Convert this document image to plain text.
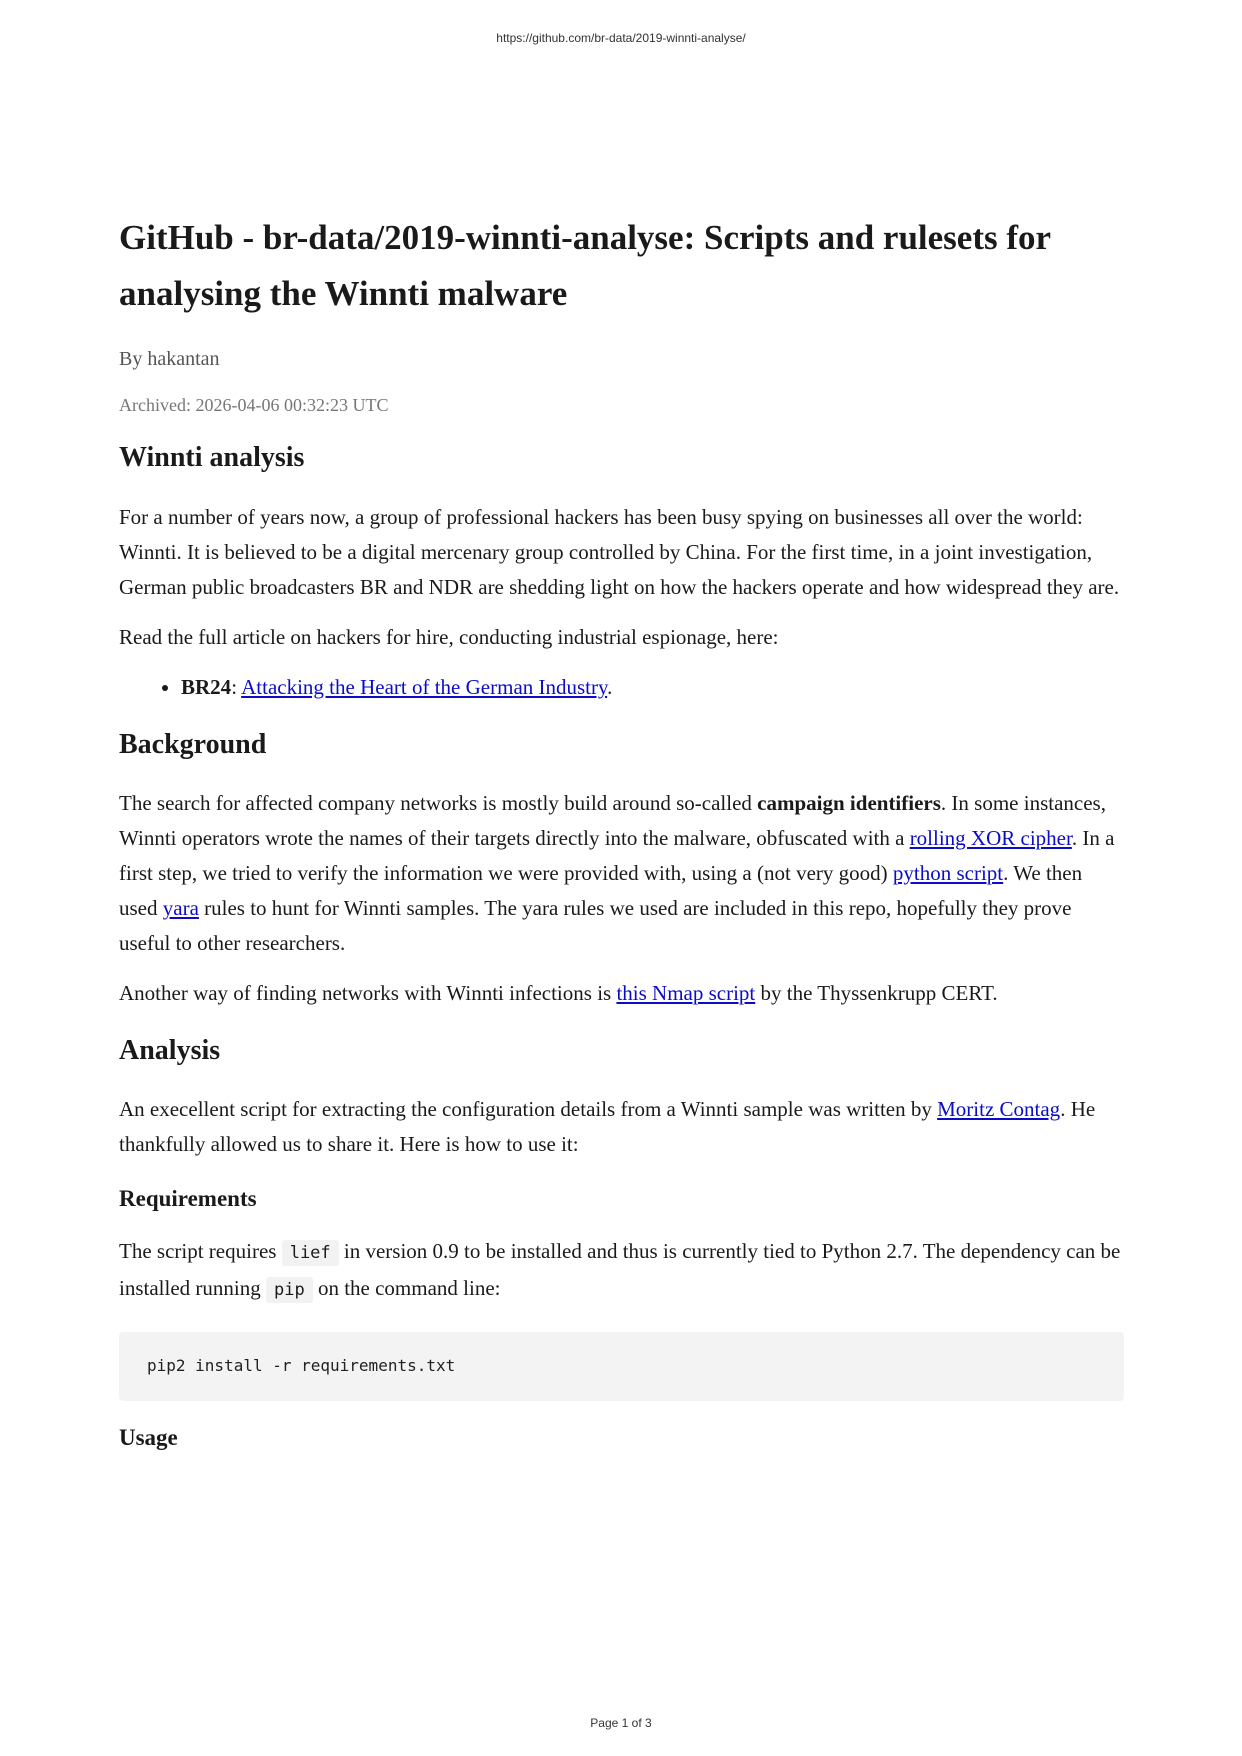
https://github.com/br-data/2019-winnti-analyse/
GitHub - br-data/2019-winnti-analyse: Scripts and rulesets for analysing the Winnti malware
By hakantan
Archived: 2026-04-06 00:32:23 UTC
Winnti analysis

For a number of years now, a group of professional hackers has been busy spying on businesses all over the world: Winnti. It is believed to be a digital mercenary group controlled by China. For the first time, in a joint investigation, German public broadcasters BR and NDR are shedding light on how the hackers operate and how widespread they are.

Read the full article on hackers for hire, conducting industrial espionage, here:

• BR24: Attacking the Heart of the German Industry.
Background

The search for affected company networks is mostly build around so-called campaign identifiers. In some instances, Winnti operators wrote the names of their targets directly into the malware, obfuscated with a rolling XOR cipher. In a first step, we tried to verify the information we were provided with, using a (not very good) python script. We then used yara rules to hunt for Winnti samples. The yara rules we used are included in this repo, hopefully they prove useful to other researchers.

Another way of finding networks with Winnti infections is this Nmap script by the Thyssenkrupp CERT.

Analysis

An execellent script for extracting the configuration details from a Winnti sample was written by Moritz Contag. He thankfully allowed us to share it. Here is how to use it:

Requirements

The script requires lief in version 0.9 to be installed and thus is currently tied to Python 2.7. The dependency can be installed running pip on the command line:

pip2 install -r requirements.txt
Usage
Page 1 of 3
